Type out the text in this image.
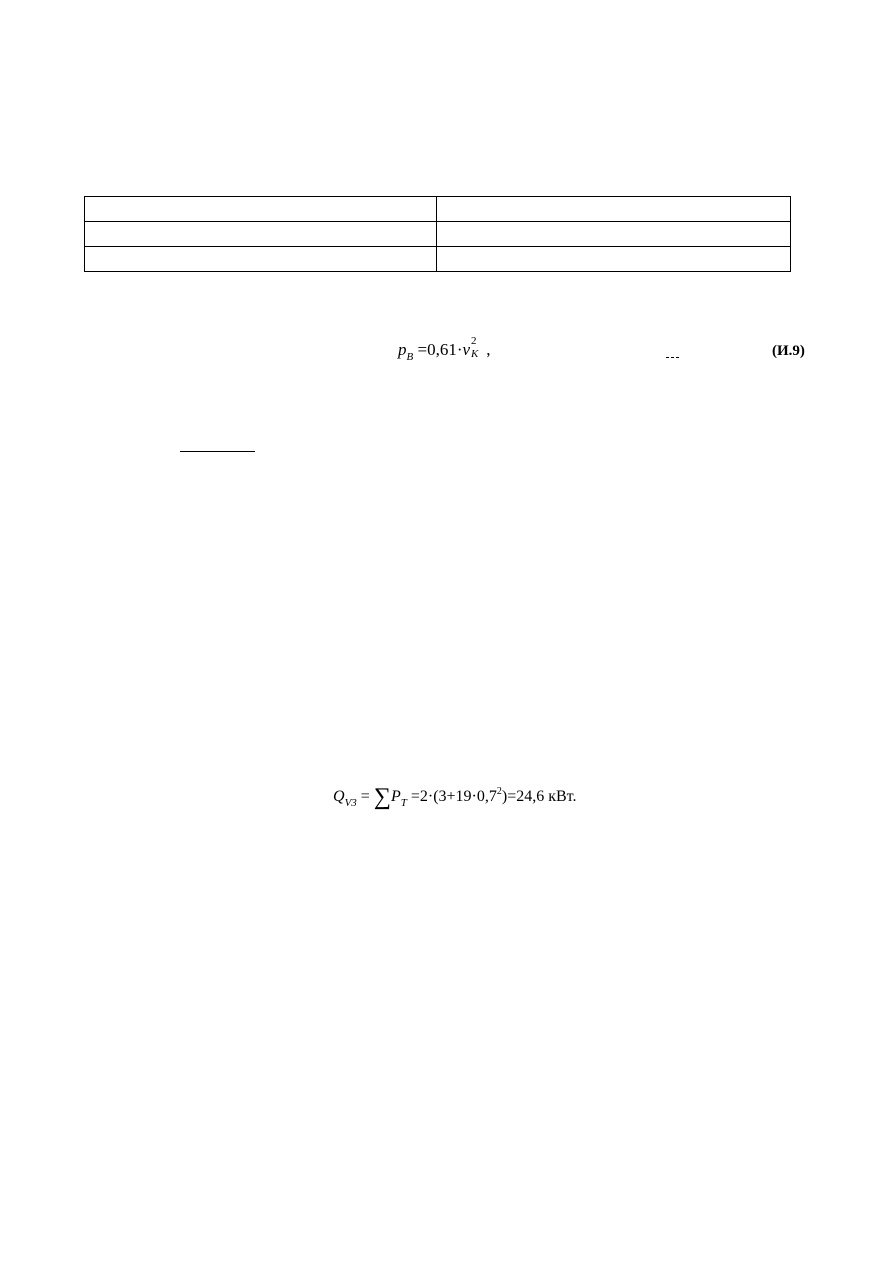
$p_B =0,61\cdot v$ 2
K ,	(И.9)
$Q_{V3} = \sum P_T =2\cdot(3+19\cdot 0,7^2)=24,6$ кВт.
